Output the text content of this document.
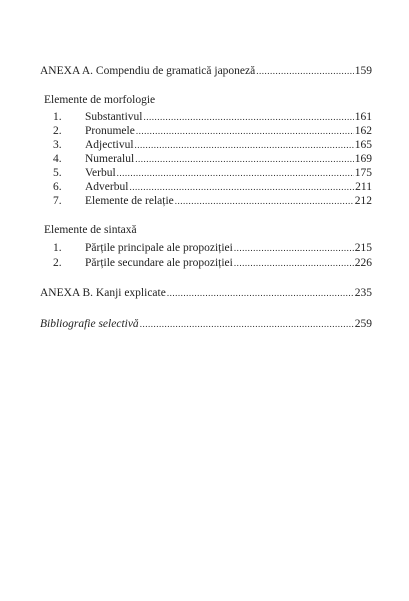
ANEXA A. Compendiu de gramatică japoneză .....	159
Elemente de morfologie
1.	Substantivul .....	161
2.	Pronumele .....	162
3.	Adjectivul .....	165
4.	Numeralul .....	169
5.	Verbul .....	175
6.	Adverbul .....	211
7.	Elemente de relație .....	212
Elemente de sintaxă
1.	Părțile principale ale propoziției .....	215
2.	Părțile secundare ale propoziției .....	226
ANEXA B. Kanji explicate .....	235
Bibliografie selectivă .....	259
